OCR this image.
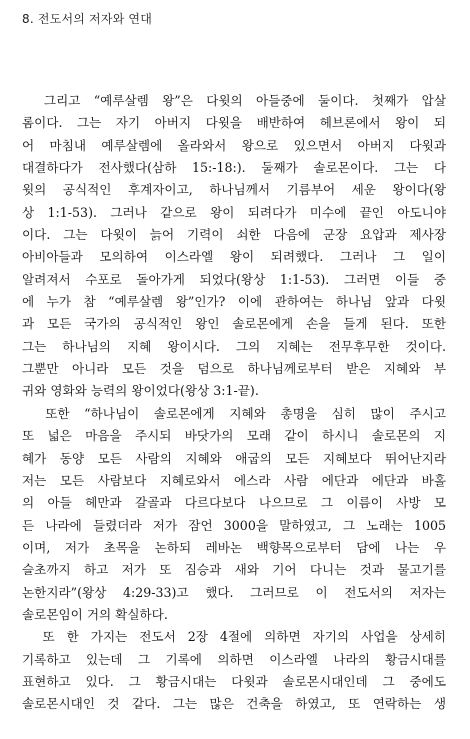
8. 전도서의 저자와 연대
　그리고 “예루살렘 왕”은 다윗의 아들중에 둘이다. 첫째가 압살
롬이다. 그는 자기 아버지 다윗을 배반하여 헤브론에서 왕이 되
어 마침내 예루살렘에 올라와서 왕으로 있으면서 아버지 다윗과
대결하다가 전사했다(삼하 15:-18:). 둘째가 솔로몬이다. 그는 다
윗의 공식적인 후계자이고, 하나님께서 기름부어 세운 왕이다(왕
상 1:1-53). 그러나 같으로 왕이 되려다가 미수에 끝인 아도니야
이다. 그는 다윗이 늙어 기력이 쇠한 다음에 군장 요압과 제사장
아비아들과 모의하여 이스라엘 왕이 되려했다. 그러나 그 일이
알려져서 수포로 돌아가게 되었다(왕상 1:1-53). 그러면 이들 중
에 누가 참 “예루살렘 왕”인가? 이에 관하여는 하나님 앞과 다윗
과 모든 국가의 공식적인 왕인 솔로몬에게 손을 들게 된다. 또한
그는 하나님의 지혜 왕이시다. 그의 지혜는 전무후무한 것이다.
그뿐만 아니라 모든 것을 덤으로 하나님께로부터 받은 지혜와 부
귀와 영화와 능력의 왕이었다(왕상 3:1-끝).
　또한 “하나님이 솔로몬에게 지혜와 총명을 심히 많이 주시고
또 넓은 마음을 주시되 바닷가의 모래 같이 하시니 솔로몬의 지
혜가 동양 모든 사람의 지혜와 애굽의 모든 지혜보다 뛰어난지라
저는 모든 사람보다 지혜로와서 에스라 사람 에단과 에단과 바홀
의 아들 헤만과 갈골과 다르다보다 나으므로 그 이름이 사방 모
든 나라에 들렸더라 저가 잠언 3000을 말하였고, 그 노래는 1005
이며, 저가 초목을 논하되 레바논 백향목으로부터 담에 나는 우
슬초까지 하고 저가 또 짐승과 새와 기어 다니는 것과 물고기를
논한지라”(왕상 4:29-33)고 했다. 그러므로 이 전도서의 저자는
솔로몬임이 거의 확실하다.
　또 한 가지는 전도서 2장 4절에 의하면 자기의 사업을 상세히
기록하고 있는데 그 기록에 의하면 이스라엘 나라의 황금시대를
표현하고 있다. 그 황금시대는 다윗과 솔로몬시대인데 그 중에도
솔로몬시대인 것 같다. 그는 많은 건축을 하였고, 또 연락하는 생
